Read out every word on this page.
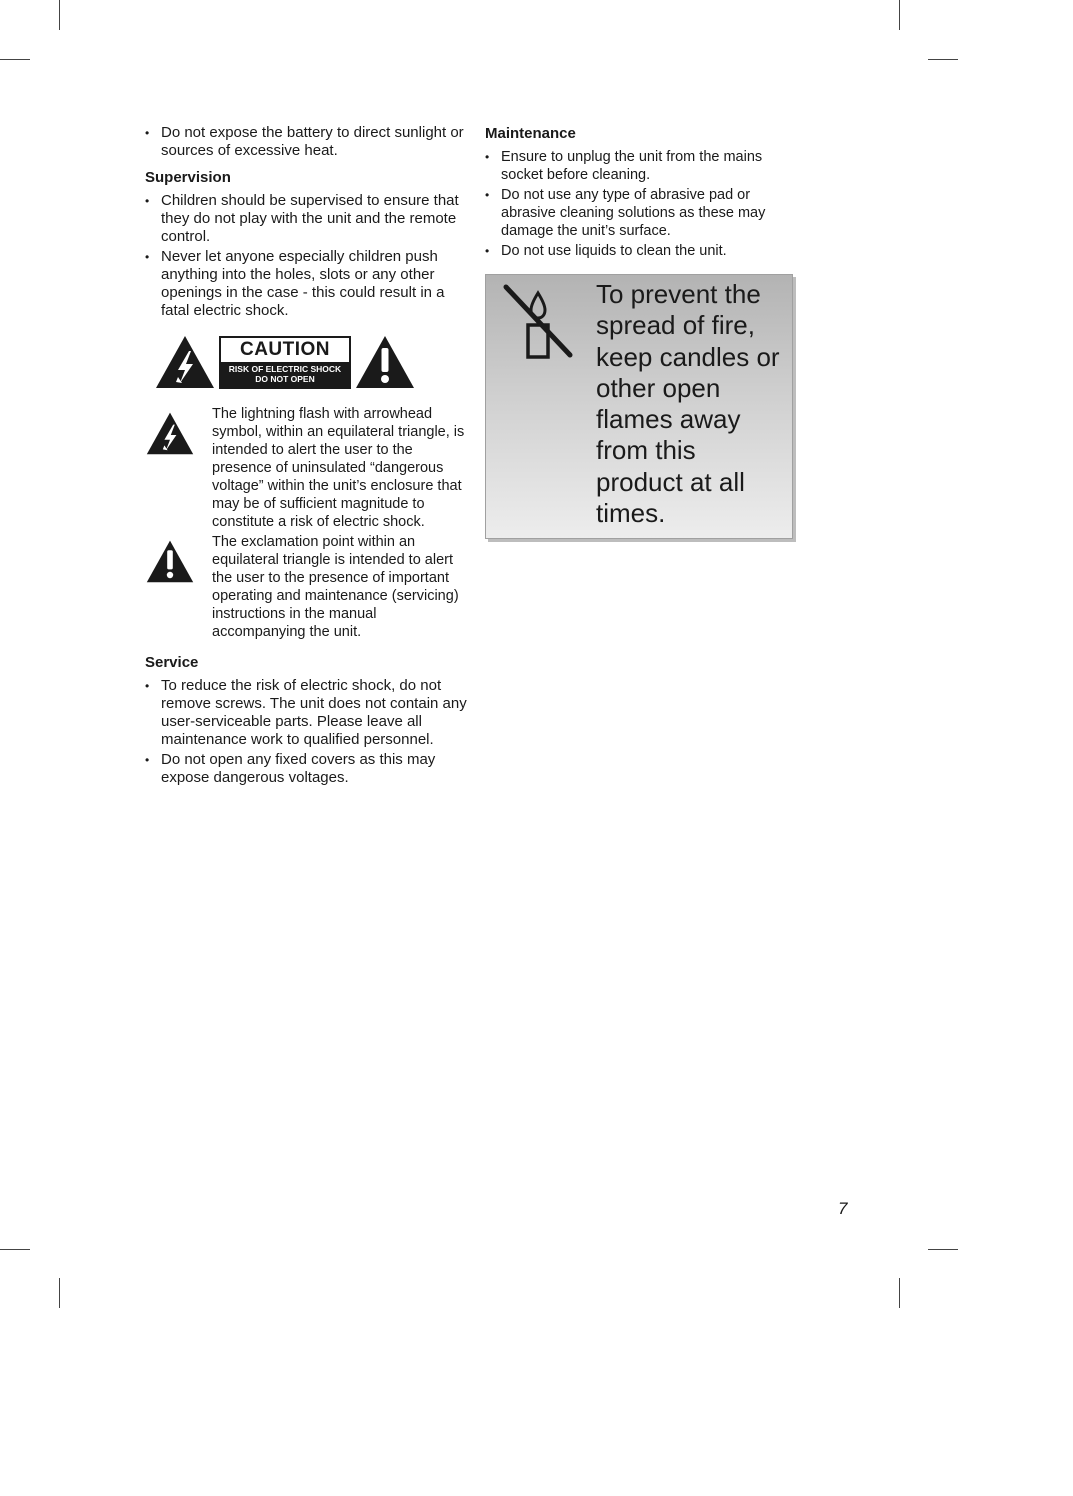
• Do not expose the battery to direct sunlight or sources of excessive heat.
Supervision
• Children should be supervised to ensure that they do not play with the unit and the remote control.
• Never let anyone especially children push anything into the holes, slots or any other openings in the case - this could result in a fatal electric shock.
CAUTION
RISK OF ELECTRIC SHOCK
DO NOT OPEN
The lightning flash with arrowhead symbol, within an equilateral triangle, is intended to alert the user to the presence of uninsulated “dangerous voltage” within the unit’s enclosure that may be of sufficient magnitude to constitute a risk of electric shock.
The exclamation point within an equilateral triangle is intended to alert the user to the presence of important operating and maintenance (servicing) instructions in the manual accompanying the unit.
Service
• To reduce the risk of electric shock, do not remove screws. The unit does not contain any user-serviceable parts. Please leave all maintenance work to qualified personnel.
• Do not open any fixed covers as this may expose dangerous voltages.
Maintenance
• Ensure to unplug the unit from the mains socket before cleaning.
• Do not use any type of abrasive pad or abrasive cleaning solutions as these may damage the unit’s surface.
• Do not use liquids to clean the unit.
To prevent the spread of fire, keep candles or other open flames away from this product at all times.
7
